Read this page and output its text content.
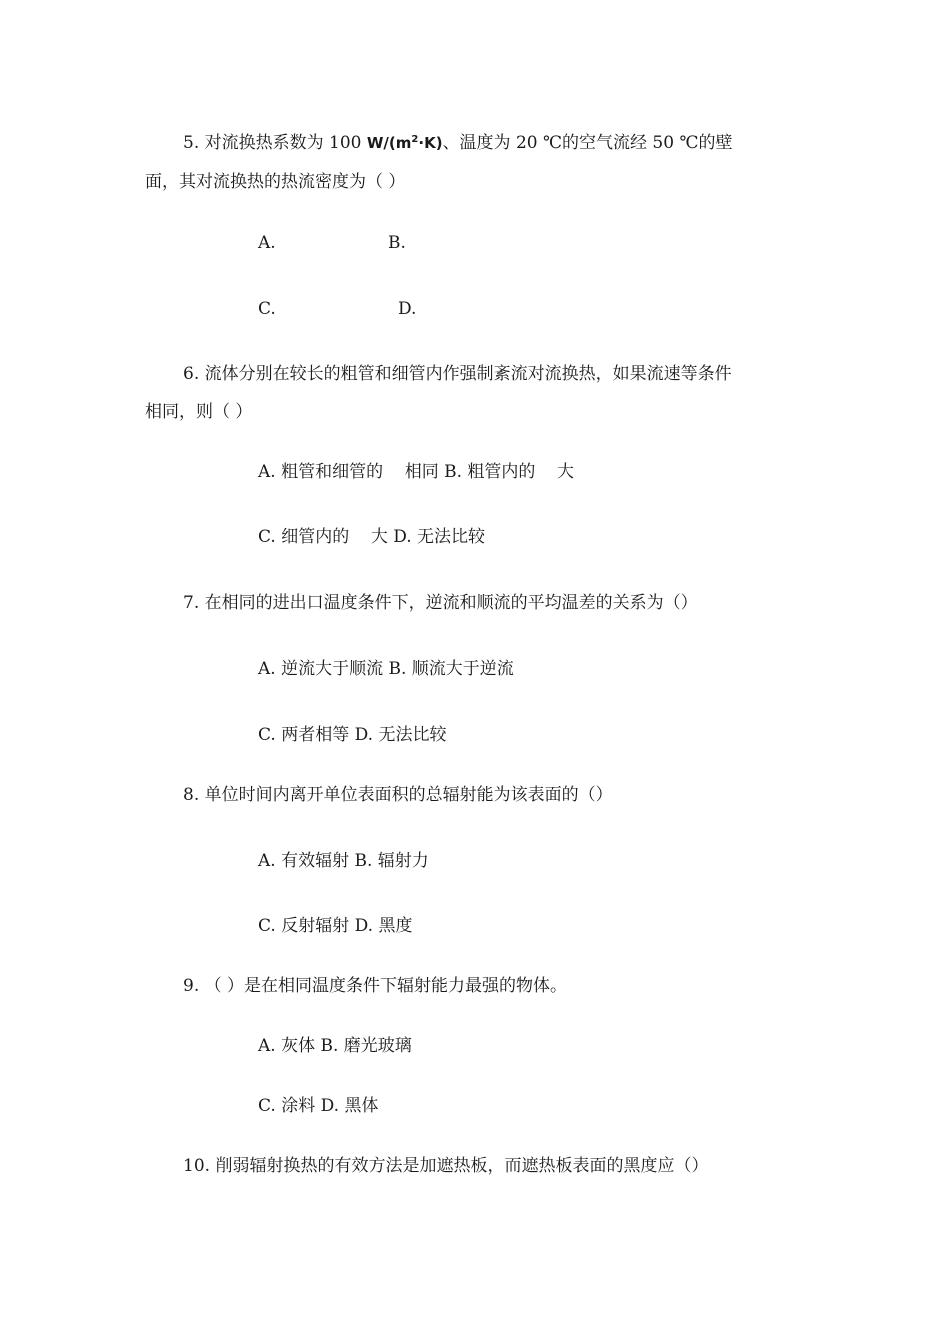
5. 对流换热系数为 100 $W/(m^2\cdot K)$、温度为 20 ℃的空气流经 50 ℃的壁
面，其对流换热的热流密度为（ ）
A.	B.
C.	D.
6. 流体分别在较长的粗管和细管内作强制紊流对流换热，如果流速等条件
相同，则（ ）
A. 粗管和细管的    相同 B. 粗管内的    大
C. 细管内的    大 D. 无法比较
7. 在相同的进出口温度条件下，逆流和顺流的平均温差的关系为（）
A. 逆流大于顺流 B. 顺流大于逆流
C. 两者相等 D. 无法比较
8. 单位时间内离开单位表面积的总辐射能为该表面的（）
A. 有效辐射 B. 辐射力
C. 反射辐射 D. 黑度
9. （ ）是在相同温度条件下辐射能力最强的物体。
A. 灰体 B. 磨光玻璃
C. 涂料 D. 黑体
10. 削弱辐射换热的有效方法是加遮热板，而遮热板表面的黑度应（）
